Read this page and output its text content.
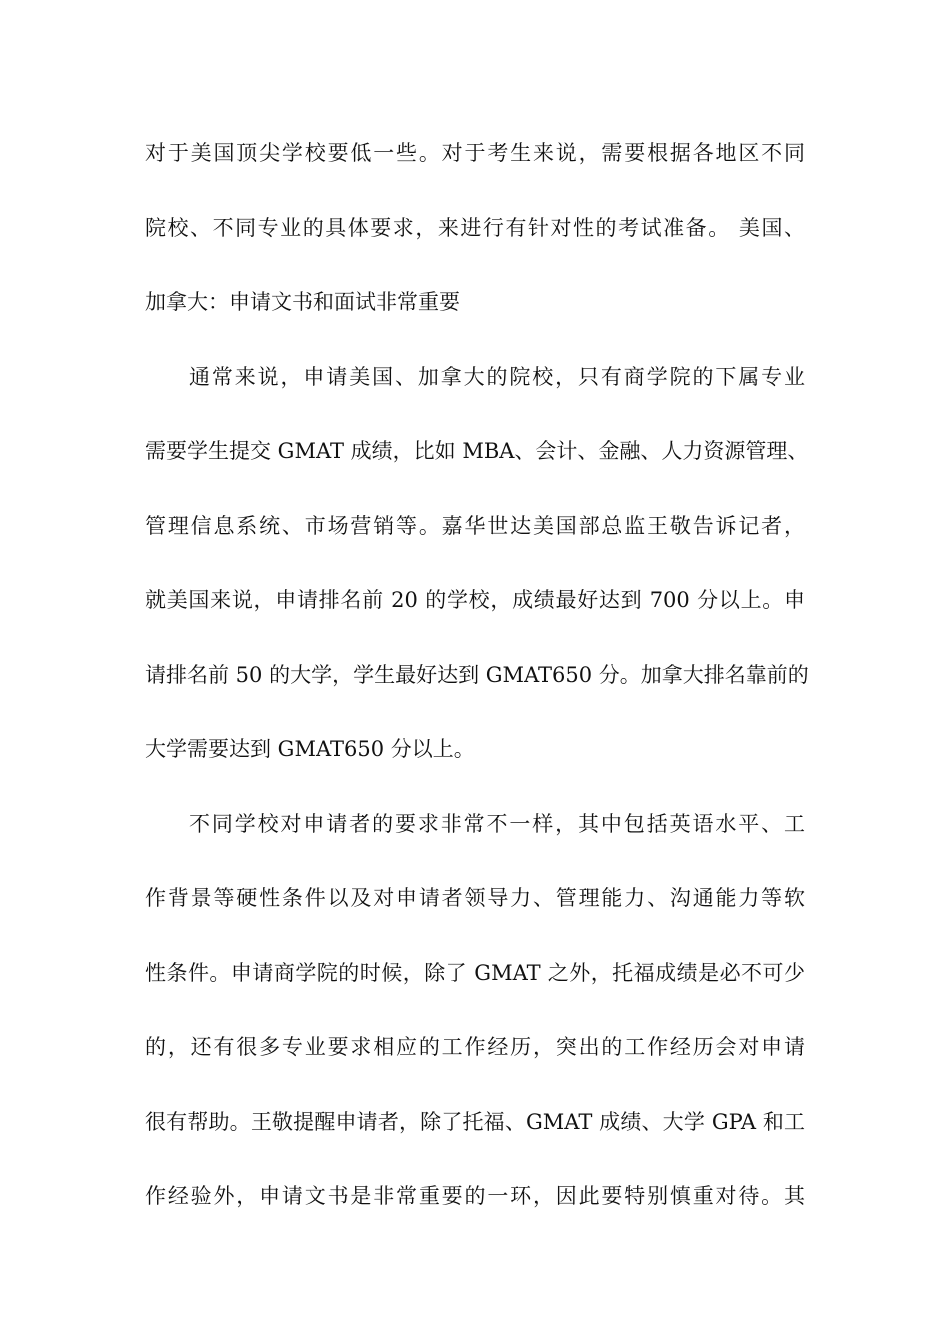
对于美国顶尖学校要低一些。对于考生来说，需要根据各地区不同
院校、不同专业的具体要求，来进行有针对性的考试准备。 美国、
加拿大：申请文书和面试非常重要
通常来说，申请美国、加拿大的院校，只有商学院的下属专业
需要学生提交 GMAT 成绩，比如 MBA、会计、金融、人力资源管理、
管理信息系统、市场营销等。嘉华世达美国部总监王敬告诉记者，
就美国来说，申请排名前 20 的学校，成绩最好达到 700 分以上。申
请排名前 50 的大学，学生最好达到 GMAT650 分。加拿大排名靠前的
大学需要达到 GMAT650 分以上。
不同学校对申请者的要求非常不一样，其中包括英语水平、工
作背景等硬性条件以及对申请者领导力、管理能力、沟通能力等软
性条件。申请商学院的时候，除了 GMAT 之外，托福成绩是必不可少
的，还有很多专业要求相应的工作经历，突出的工作经历会对申请
很有帮助。王敬提醒申请者，除了托福、GMAT 成绩、大学 GPA 和工
作经验外，申请文书是非常重要的一环，因此要特别慎重对待。其
